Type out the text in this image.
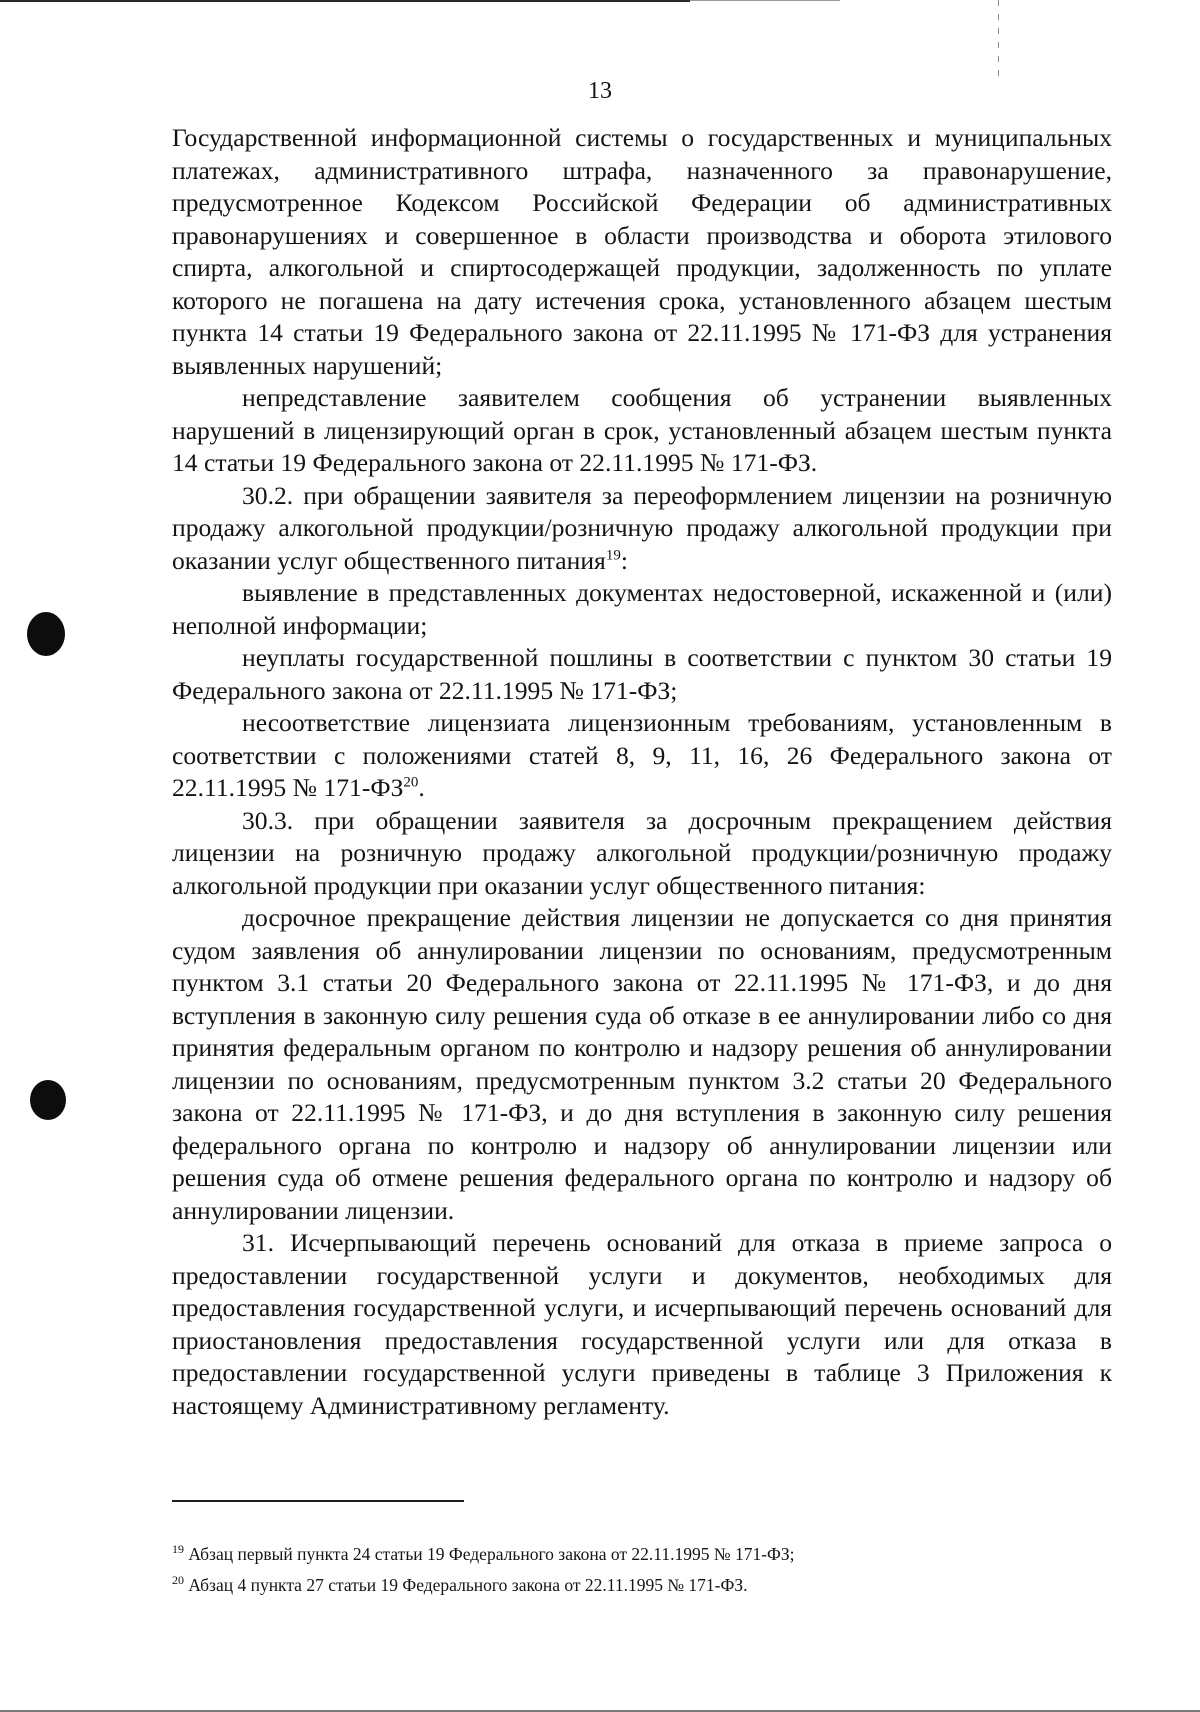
13

Государственной информационной системы о государственных и муниципальных платежах, административного штрафа, назначенного за правонарушение, предусмотренное Кодексом Российской Федерации об административных правонарушениях и совершенное в области производства и оборота этилового спирта, алкогольной и спиртосодержащей продукции, задолженность по уплате которого не погашена на дату истечения срока, установленного абзацем шестым пункта 14 статьи 19 Федерального закона от 22.11.1995 № 171-ФЗ для устранения выявленных нарушений;

непредставление заявителем сообщения об устранении выявленных нарушений в лицензирующий орган в срок, установленный абзацем шестым пункта 14 статьи 19 Федерального закона от 22.11.1995 № 171-ФЗ.

30.2. при обращении заявителя за переоформлением лицензии на розничную продажу алкогольной продукции/розничную продажу алкогольной продукции при оказании услуг общественного питания$^{19}$:

выявление в представленных документах недостоверной, искаженной и (или) неполной информации;

неуплаты государственной пошлины в соответствии с пунктом 30 статьи 19 Федерального закона от 22.11.1995 № 171-ФЗ;

несоответствие лицензиата лицензионным требованиям, установленным в соответствии с положениями статей 8, 9, 11, 16, 26 Федерального закона от 22.11.1995 № 171-ФЗ$^{20}$.

30.3. при обращении заявителя за досрочным прекращением действия лицензии на розничную продажу алкогольной продукции/розничную продажу алкогольной продукции при оказании услуг общественного питания:

досрочное прекращение действия лицензии не допускается со дня принятия судом заявления об аннулировании лицензии по основаниям, предусмотренным пунктом 3.1 статьи 20 Федерального закона от 22.11.1995 № 171-ФЗ, и до дня вступления в законную силу решения суда об отказе в ее аннулировании либо со дня принятия федеральным органом по контролю и надзору решения об аннулировании лицензии по основаниям, предусмотренным пунктом 3.2 статьи 20 Федерального закона от 22.11.1995 № 171-ФЗ, и до дня вступления в законную силу решения федерального органа по контролю и надзору об аннулировании лицензии или решения суда об отмене решения федерального органа по контролю и надзору об аннулировании лицензии.

31. Исчерпывающий перечень оснований для отказа в приеме запроса о предоставлении государственной услуги и документов, необходимых для предоставления государственной услуги, и исчерпывающий перечень оснований для приостановления предоставления государственной услуги или для отказа в предоставлении государственной услуги приведены в таблице 3 Приложения к настоящему Административному регламенту.

$^{19}$ Абзац первый пункта 24 статьи 19 Федерального закона от 22.11.1995 № 171-ФЗ;
$^{20}$ Абзац 4 пункта 27 статьи 19 Федерального закона от 22.11.1995 № 171-ФЗ.
